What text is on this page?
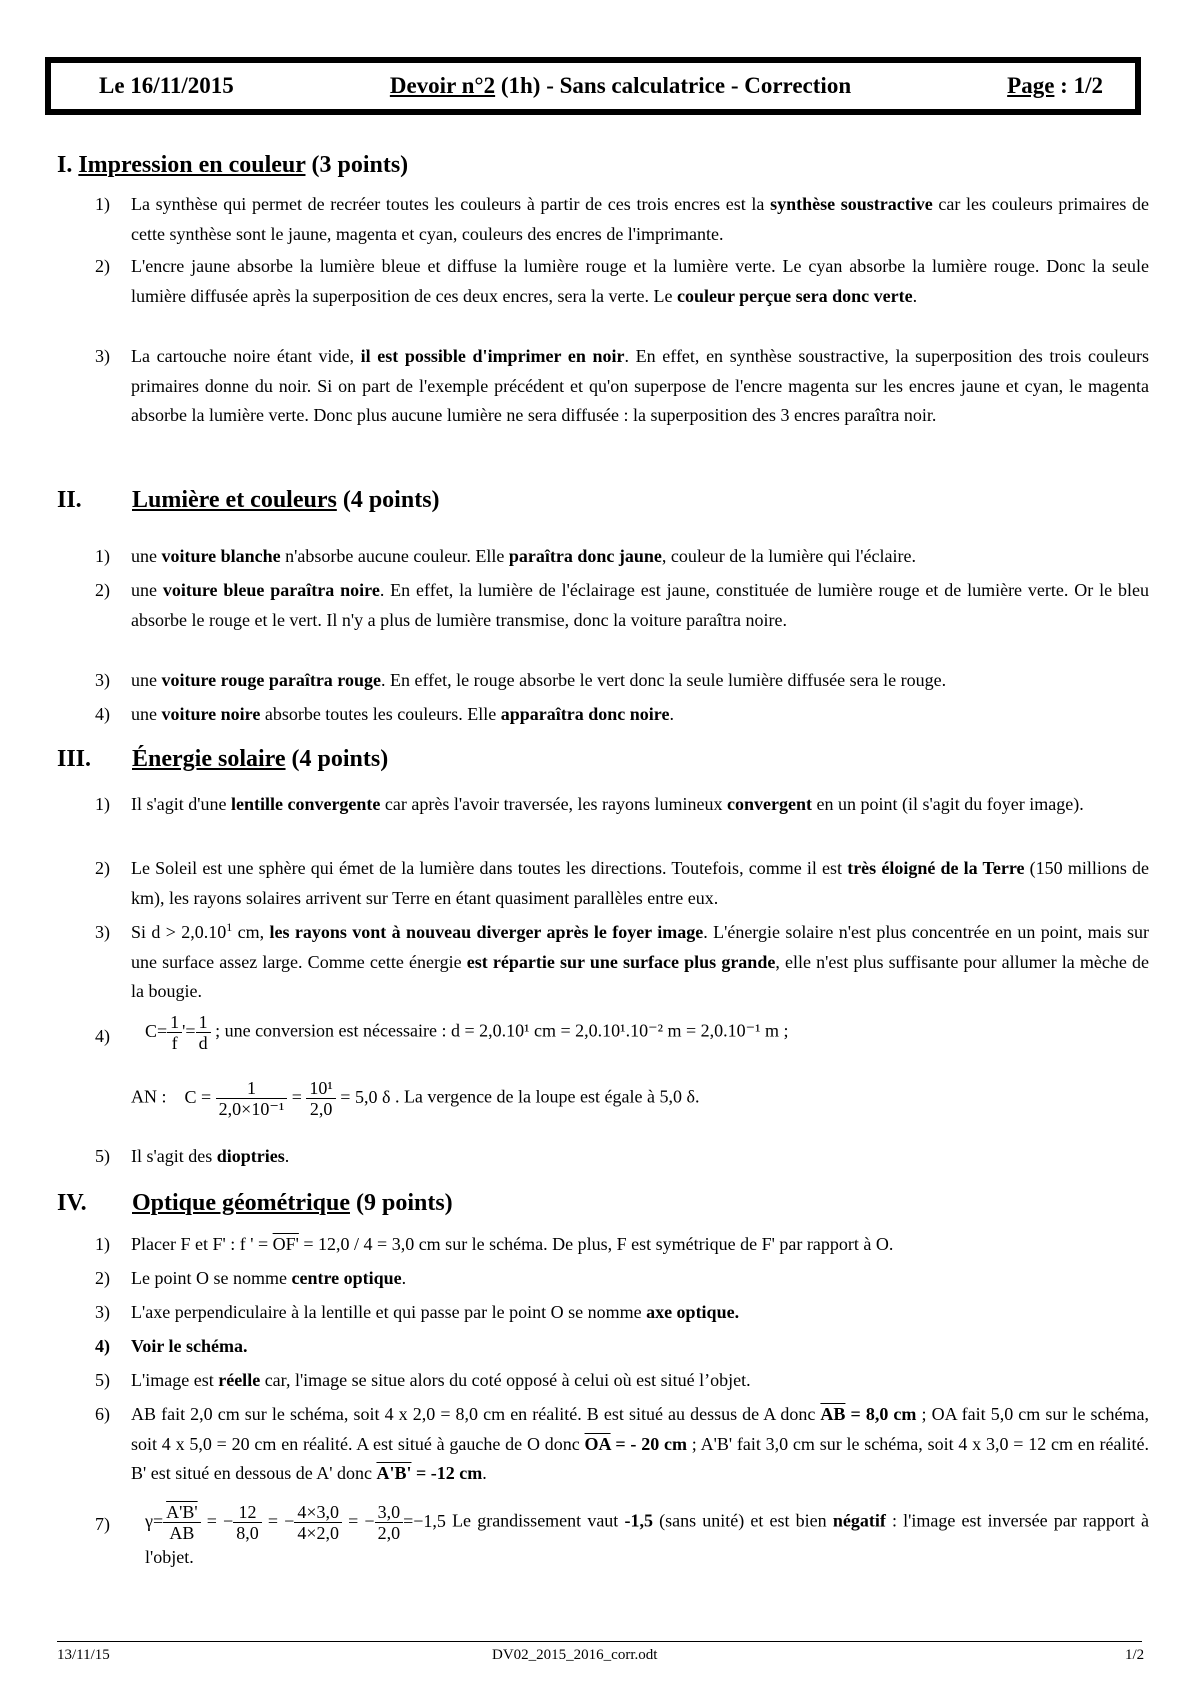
Le 16/11/2015	Devoir n°2 (1h) - Sans calculatrice - Correction	Page : 1/2
I. Impression en couleur (3 points)
1)	La synthèse qui permet de recréer toutes les couleurs à partir de ces trois encres est la synthèse soustractive car les couleurs primaires de cette synthèse sont le jaune, magenta et cyan, couleurs des encres de l'imprimante.
2)	L'encre jaune absorbe la lumière bleue et diffuse la lumière rouge et la lumière verte. Le cyan absorbe la lumière rouge. Donc la seule lumière diffusée après la superposition de ces deux encres, sera la verte. Le couleur perçue sera donc verte.
3)	La cartouche noire étant vide, il est possible d'imprimer en noir. En effet, en synthèse soustractive, la superposition des trois couleurs primaires donne du noir. Si on part de l'exemple précédent et qu'on superpose de l'encre magenta sur les encres jaune et cyan, le magenta absorbe la lumière verte. Donc plus aucune lumière ne sera diffusée : la superposition des 3 encres paraîtra noir.
II. Lumière et couleurs (4 points)
1)	une voiture blanche n'absorbe aucune couleur. Elle paraîtra donc jaune, couleur de la lumière qui l'éclaire.
2)	une voiture bleue paraîtra noire. En effet, la lumière de l'éclairage est jaune, constituée de lumière rouge et de lumière verte. Or le bleu absorbe le rouge et le vert. Il n'y a plus de lumière transmise, donc la voiture paraîtra noire.
3)	une voiture rouge paraîtra rouge. En effet, le rouge absorbe le vert donc la seule lumière diffusée sera le rouge.
4)	une voiture noire absorbe toutes les couleurs. Elle apparaîtra donc noire.
III. Énergie solaire (4 points)
1)	Il s'agit d'une lentille convergente car après l'avoir traversée, les rayons lumineux convergent en un point (il s'agit du foyer image).
2)	Le Soleil est une sphère qui émet de la lumière dans toutes les directions. Toutefois, comme il est très éloigné de la Terre (150 millions de km), les rayons solaires arrivent sur Terre en étant quasiment parallèles entre eux.
3)	Si $d > 2,0.10^1$ cm, les rayons vont à nouveau diverger après le foyer image. L'énergie solaire n'est plus concentrée en un point, mais sur une surface assez large. Comme cette énergie est répartie sur une surface plus grande, elle n'est plus suffisante pour allumer la mèche de la bougie.
4)	$C= \frac{1}{f}$ '= $\frac{1}{d}$ ; une conversion est nécessaire : d = 2,0.10¹ cm = 2,0.10¹.10⁻² m = 2,0.10⁻¹ m ;
AN : $C = \frac{1}{\text{2,0×10⁻¹}} = \frac{\text{10¹}}{2,0} = 5,0$ δ . La vergence de la loupe est égale à 5,0 δ.
5)	Il s'agit des dioptries.
IV. Optique géométrique (9 points)
1)	Placer F et F' : f ' = OF' = 12,0 / 4 = 3,0 cm sur le schéma. De plus, F est symétrique de F' par rapport à O.
2)	Le point O se nomme centre optique.
3)	L'axe perpendiculaire à la lentille et qui passe par le point O se nomme axe optique.
4)	Voir le schéma.
5)	L'image est réelle car, l'image se situe alors du coté opposé à celui où est situé l’objet.
6)	AB fait 2,0 cm sur le schéma, soit 4 x 2,0 = 8,0 cm en réalité. B est situé au dessus de A donc $\overline{AB} = 8,0$ cm ; OA fait 5,0 cm sur le schéma, soit 4 x 5,0 = 20 cm en réalité. A est situé à gauche de O donc $\overline{OA}$ = - 20 cm ; A'B' fait 3,0 cm sur le schéma, soit 4 x 3,0 = 12 cm en réalité. B' est situé en dessous de A' donc A'B' = -12 cm.
7)	$\gamma= \frac{A'B'}{AB}$ = − $\frac{12}{8,0}$ = − $\frac{4\times 3,0}{4\times 2,0}$ = − $\frac{3,0}{2,0} =-1,5$ Le grandissement vaut -1,5 (sans unité) et est bien négatif : l'image est inversée par rapport à l'objet.
13/11/15	DV02_2015_2016_corr.odt	1/2
